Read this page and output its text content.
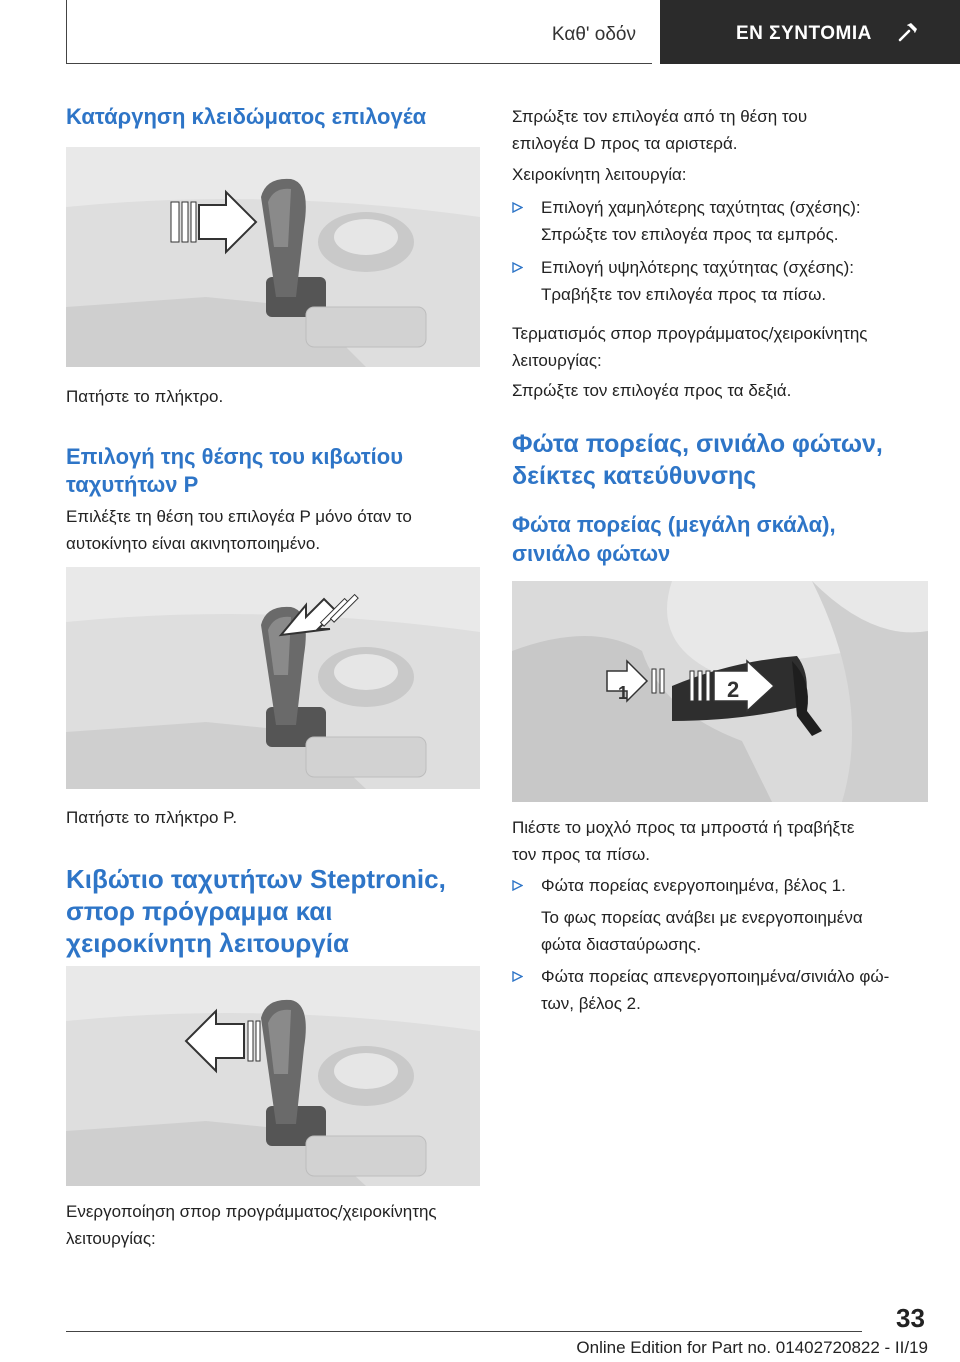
Καθ' οδόν	ΕΝ ΣΥΝΤΟΜΙΑ
Κατάργηση κλειδώματος επιλογέα
Πατήστε το πλήκτρο.
Επιλογή της θέσης του κιβωτίου
ταχυτήτων P
Επιλέξτε τη θέση του επιλογέα P μόνο όταν το
αυτοκίνητο είναι ακινητοποιημένο.
Πατήστε το πλήκτρο P.
Κιβώτιο ταχυτήτων Steptronic,
σπορ πρόγραμμα και
χειροκίνητη λειτουργία
Ενεργοποίηση σπορ προγράμματος/χειροκίνητης
λειτουργίας:
Σπρώξτε τον επιλογέα από τη θέση του
επιλογέα D προς τα αριστερά.
Χειροκίνητη λειτουργία:
Επιλογή χαμηλότερης ταχύτητας (σχέσης):
Σπρώξτε τον επιλογέα προς τα εμπρός.
Επιλογή υψηλότερης ταχύτητας (σχέσης):
Τραβήξτε τον επιλογέα προς τα πίσω.
Τερματισμός σπορ προγράμματος/χειροκίνητης
λειτουργίας:
Σπρώξτε τον επιλογέα προς τα δεξιά.
Φώτα πορείας, σινιάλο φώτων,
δείκτες κατεύθυνσης
Φώτα πορείας (μεγάλη σκάλα),
σινιάλο φώτων
1	2
Πιέστε το μοχλό προς τα μπροστά ή τραβήξτε
τον προς τα πίσω.
Φώτα πορείας ενεργοποιημένα, βέλος 1.
Το φως πορείας ανάβει με ενεργοποιημένα
φώτα διασταύρωσης.
Φώτα πορείας απενεργοποιημένα/σινιάλο φώ‐
των, βέλος 2.
33
Online Edition for Part no. 01402720822 - II/19
